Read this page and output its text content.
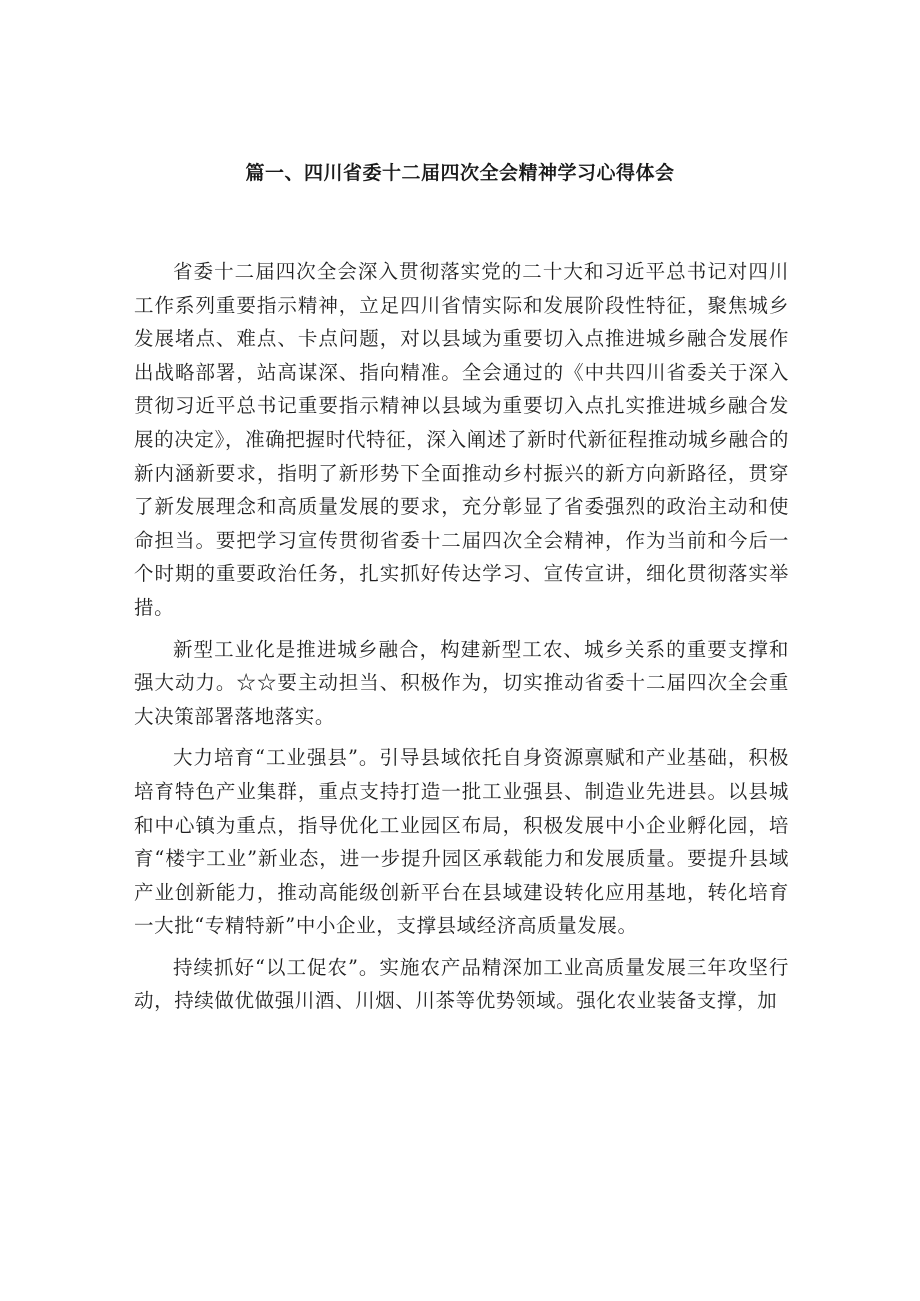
篇一、四川省委十二届四次全会精神学习心得体会

省委十二届四次全会深入贯彻落实党的二十大和习近平总书记对四川工作系列重要指示精神，立足四川省情实际和发展阶段性特征，聚焦城乡发展堵点、难点、卡点问题，对以县域为重要切入点推进城乡融合发展作出战略部署，站高谋深、指向精准。全会通过的《中共四川省委关于深入贯彻习近平总书记重要指示精神以县域为重要切入点扎实推进城乡融合发展的决定》，准确把握时代特征，深入阐述了新时代新征程推动城乡融合的新内涵新要求，指明了新形势下全面推动乡村振兴的新方向新路径，贯穿了新发展理念和高质量发展的要求，充分彰显了省委强烈的政治主动和使命担当。要把学习宣传贯彻省委十二届四次全会精神，作为当前和今后一个时期的重要政治任务，扎实抓好传达学习、宣传宣讲，细化贯彻落实举措。

新型工业化是推进城乡融合，构建新型工农、城乡关系的重要支撑和强大动力。☆☆要主动担当、积极作为，切实推动省委十二届四次全会重大决策部署落地落实。

大力培育“工业强县”。引导县域依托自身资源禀赋和产业基础，积极培育特色产业集群，重点支持打造一批工业强县、制造业先进县。以县城和中心镇为重点，指导优化工业园区布局，积极发展中小企业孵化园，培育“楼宇工业”新业态，进一步提升园区承载能力和发展质量。要提升县域产业创新能力，推动高能级创新平台在县域建设转化应用基地，转化培育一大批“专精特新”中小企业，支撑县域经济高质量发展。

持续抓好“以工促农”。实施农产品精深加工业高质量发展三年攻坚行动，持续做优做强川酒、川烟、川茶等优势领域。强化农业装备支撑，加
